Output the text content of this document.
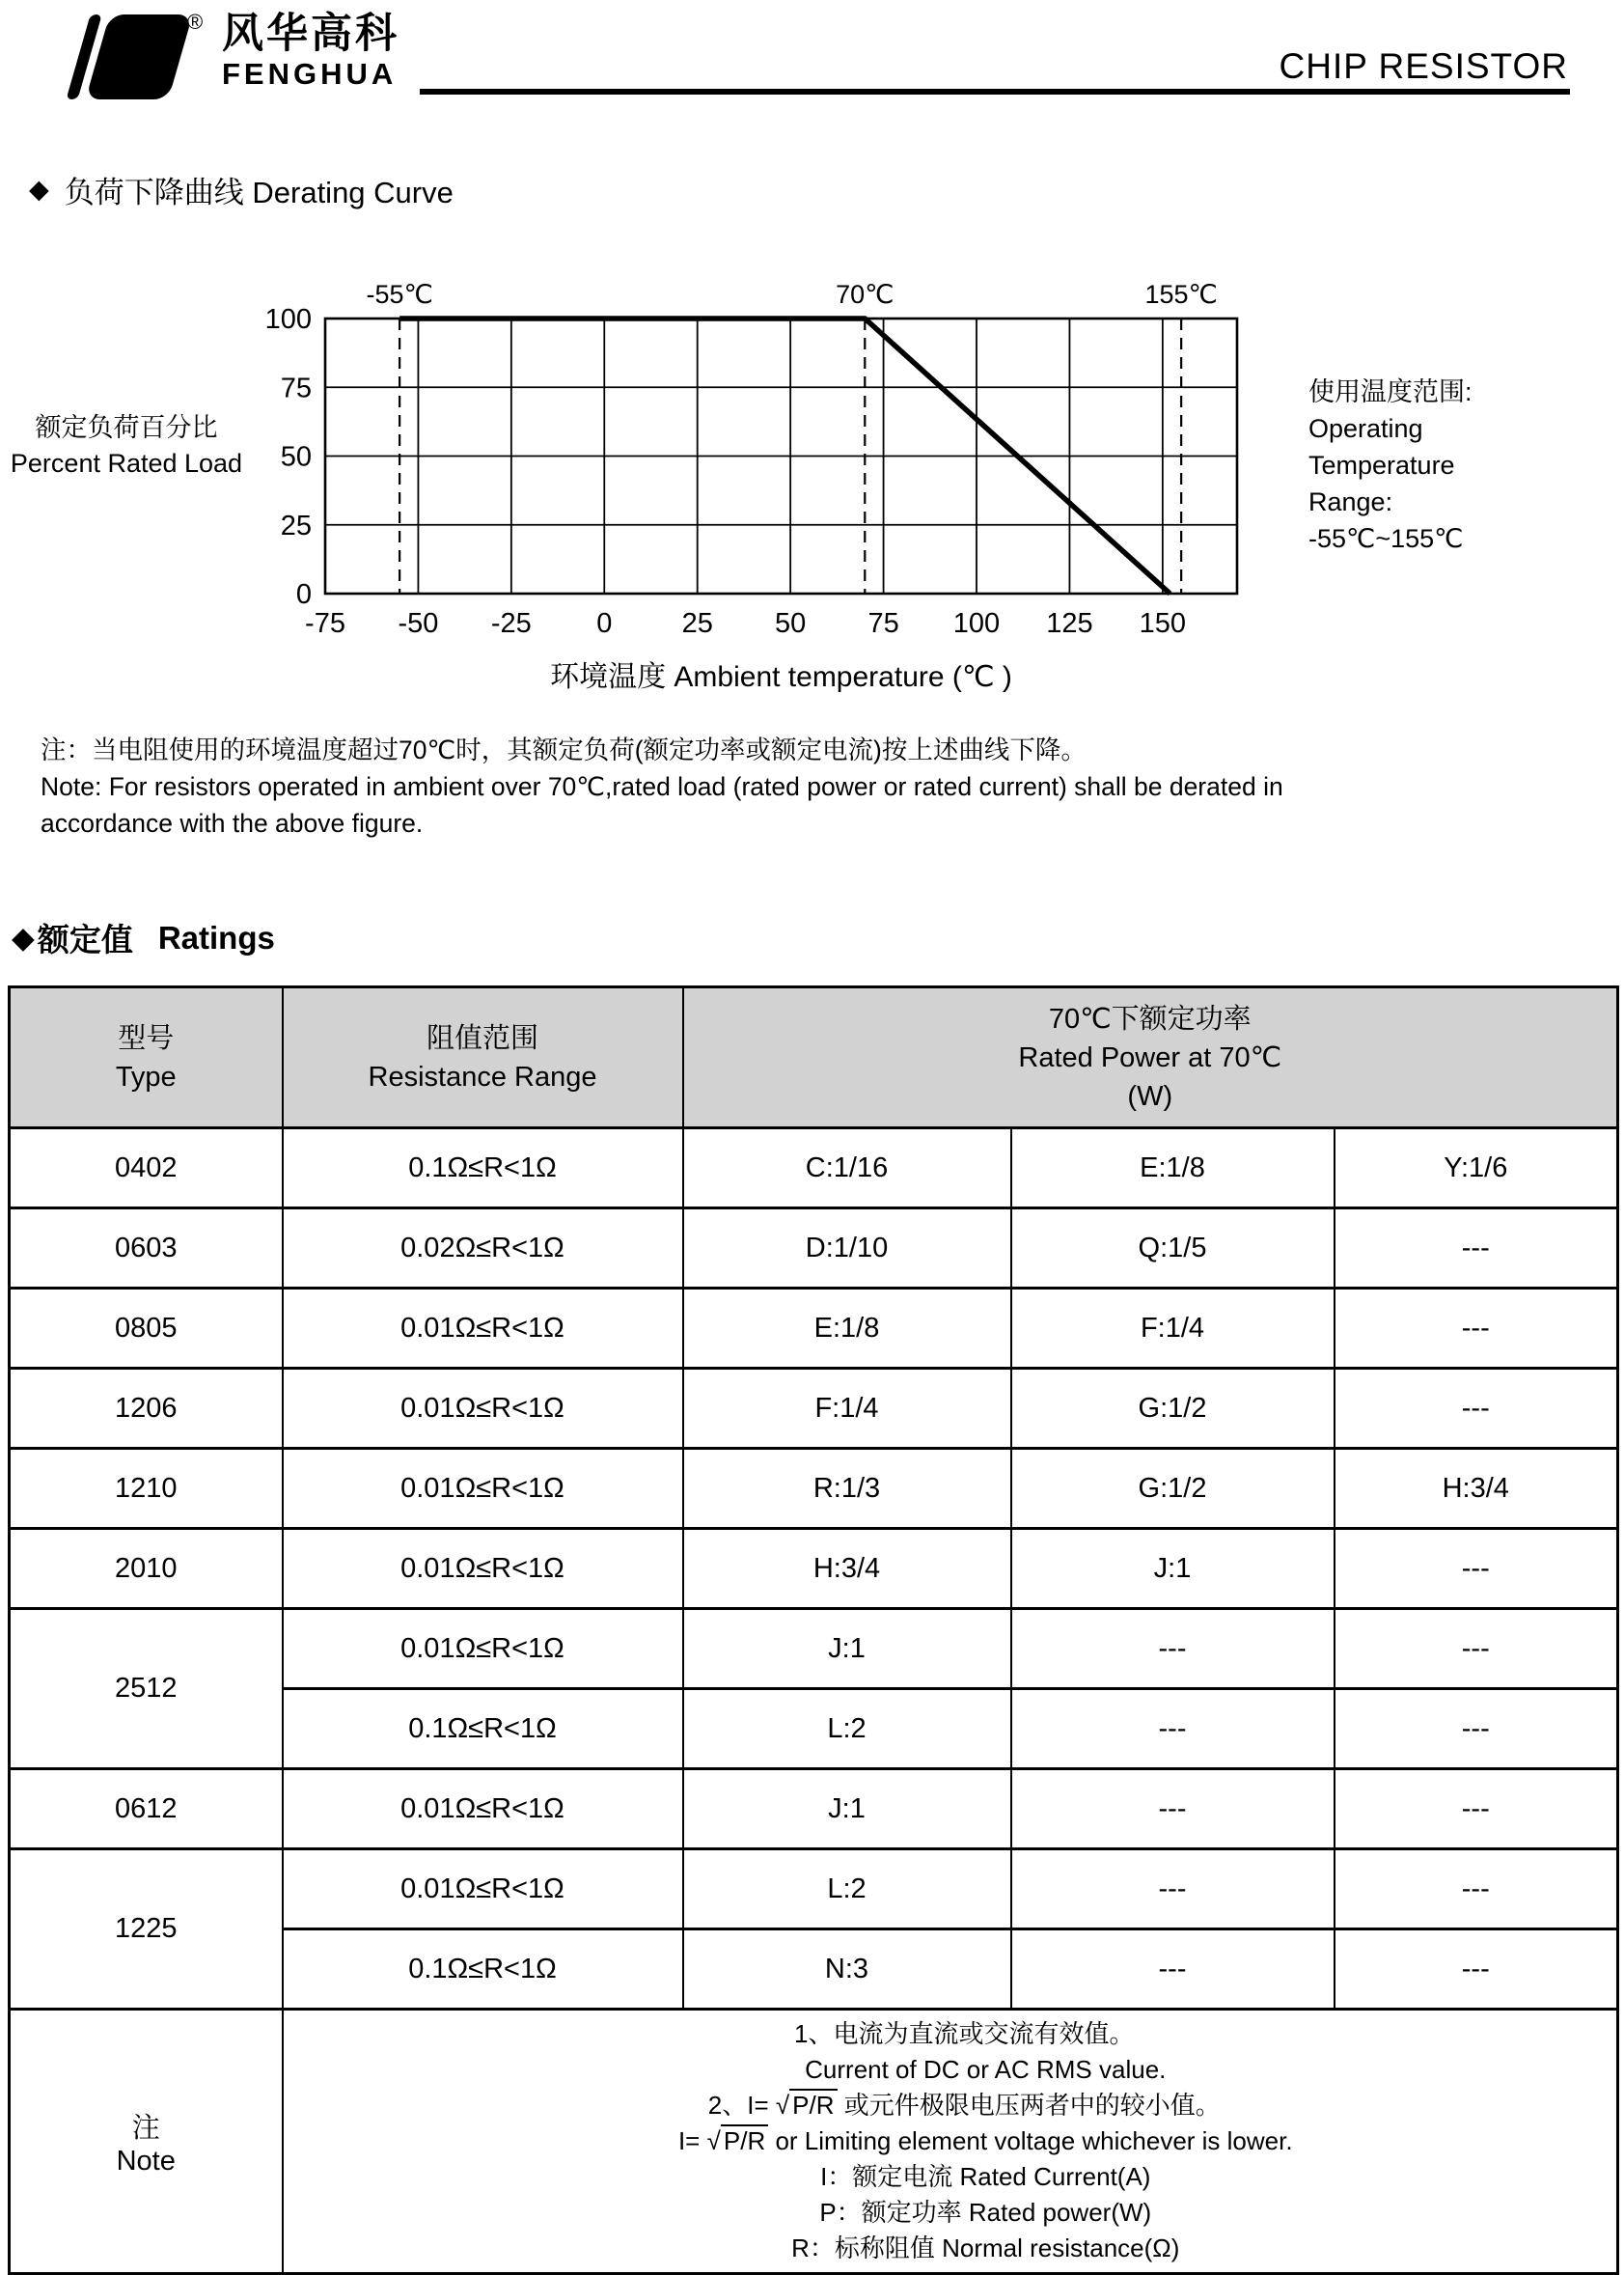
H
® 风华高科
FENGHUA	CHIP RESISTOR
◆ 负荷下降曲线 Derating Curve
额定负荷百分比
Percent Rated Load
-75 -50 -25 0 25 50 75 100 125 150
0
25
50
75
100
-55℃	70℃	155℃
环境温度 Ambient temperature (℃ )
使用温度范围:
Operating
Temperature
Range:
-55℃~155℃
注：当电阻使用的环境温度超过70℃时，其额定负荷(额定功率或额定电流)按上述曲线下降。
Note: For resistors operated in ambient over 70℃,rated load (rated power or rated current) shall be derated in
accordance with the above figure.
◆ 额定值 Ratings
型号
Type

阻值范围
Resistance Range

70℃下额定功率
Rated Power at 70℃
(W)

0402	0.1Ω≤R<1Ω	C:1/16	E:1/8	Y:1/6
0603	0.02Ω≤R<1Ω	D:1/10	Q:1/5	---
0805	0.01Ω≤R<1Ω	E:1/8	F:1/4	---
1206	0.01Ω≤R<1Ω	F:1/4	G:1/2	---
1210	0.01Ω≤R<1Ω	R:1/3	G:1/2	H:3/4
2010	0.01Ω≤R<1Ω	H:3/4	J:1	---
2512	0.01Ω≤R<1Ω	J:1	---	---
	0.1Ω≤R<1Ω	L:2	---	---
0612	0.01Ω≤R<1Ω	J:1	---	---
1225	0.01Ω≤R<1Ω	L:2	---	---
	0.1Ω≤R<1Ω	N:3	---	---

注
Note

1、电流为直流或交流有效值。
Current of DC or AC RMS value.
2、I= √ P/R 或元件极限电压两者中的较小值。
I= √ P/R or Limiting element voltage whichever is lower.
I：额定电流 Rated Current(A)
P：额定功率 Rated power(W)
R：标称阻值 Normal resistance(Ω)
